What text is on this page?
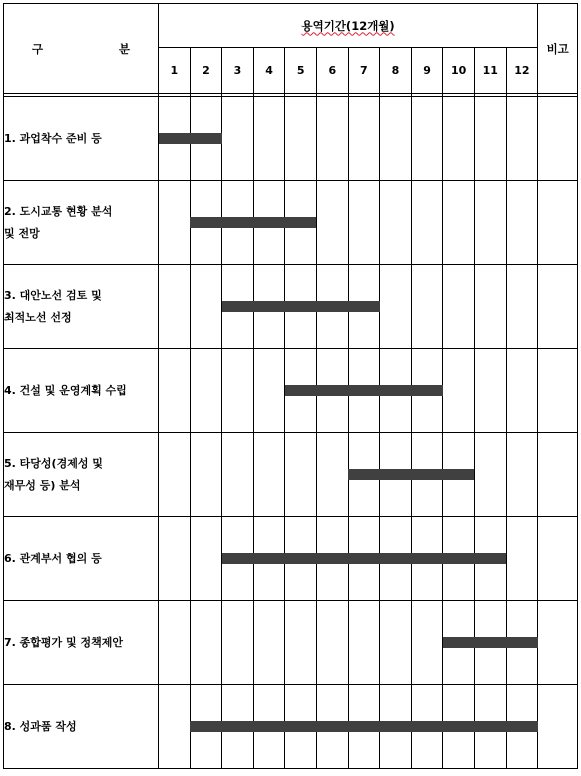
구 분	용역기간(12개월)												비고
	1	2	3	4	5	6	7	8	9	10	11	12	

1. 과업착수 준비 등													
2. 도시교통 현황 분석
및 전망													
3. 대안노선 검토 및
최적노선 선정													
4. 건설 및 운영계획 수립													
5. 타당성(경제성 및
재무성 등) 분석													
6. 관계부서 협의 등													
7. 종합평가 및 정책제안													
8. 성과품 작성													
